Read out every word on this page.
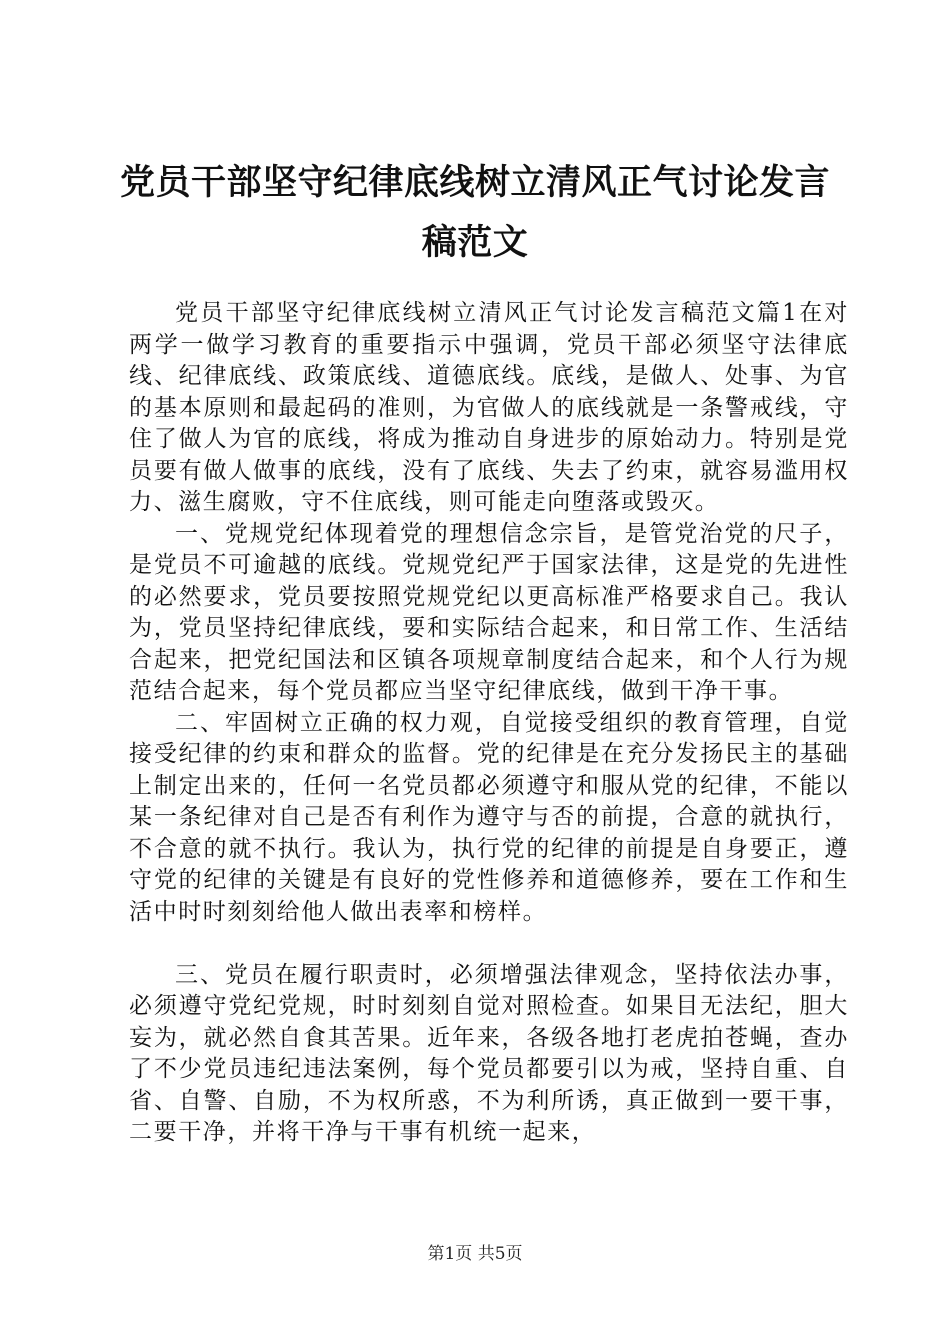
党员干部坚守纪律底线树立清风正气讨论发言
稿范文

党员干部坚守纪律底线树立清风正气讨论发言稿范文篇1在对两学一做学习教育的重要指示中强调，党员干部必须坚守法律底线、纪律底线、政策底线、道德底线。底线，是做人、处事、为官的基本原则和最起码的准则，为官做人的底线就是一条警戒线，守住了做人为官的底线，将成为推动自身进步的原始动力。特别是党员要有做人做事的底线，没有了底线、失去了约束，就容易滥用权力、滋生腐败，守不住底线，则可能走向堕落或毁灭。

一、党规党纪体现着党的理想信念宗旨，是管党治党的尺子，是党员不可逾越的底线。党规党纪严于国家法律，这是党的先进性的必然要求，党员要按照党规党纪以更高标准严格要求自己。我认为，党员坚持纪律底线，要和实际结合起来，和日常工作、生活结合起来，把党纪国法和区镇各项规章制度结合起来，和个人行为规范结合起来，每个党员都应当坚守纪律底线，做到干净干事。

二、牢固树立正确的权力观，自觉接受组织的教育管理，自觉接受纪律的约束和群众的监督。党的纪律是在充分发扬民主的基础上制定出来的，任何一名党员都必须遵守和服从党的纪律，不能以某一条纪律对自己是否有利作为遵守与否的前提，合意的就执行，不合意的就不执行。我认为，执行党的纪律的前提是自身要正，遵守党的纪律的关键是有良好的党性修养和道德修养，要在工作和生活中时时刻刻给他人做出表率和榜样。

三、党员在履行职责时，必须增强法律观念，坚持依法办事，必须遵守党纪党规，时时刻刻自觉对照检查。如果目无法纪，胆大妄为，就必然自食其苦果。近年来，各级各地打老虎拍苍蝇，查办了不少党员违纪违法案例，每个党员都要引以为戒，坚持自重、自省、自警、自励，不为权所惑，不为利所诱，真正做到一要干事，二要干净，并将干净与干事有机统一起来，

第1页 共5页
